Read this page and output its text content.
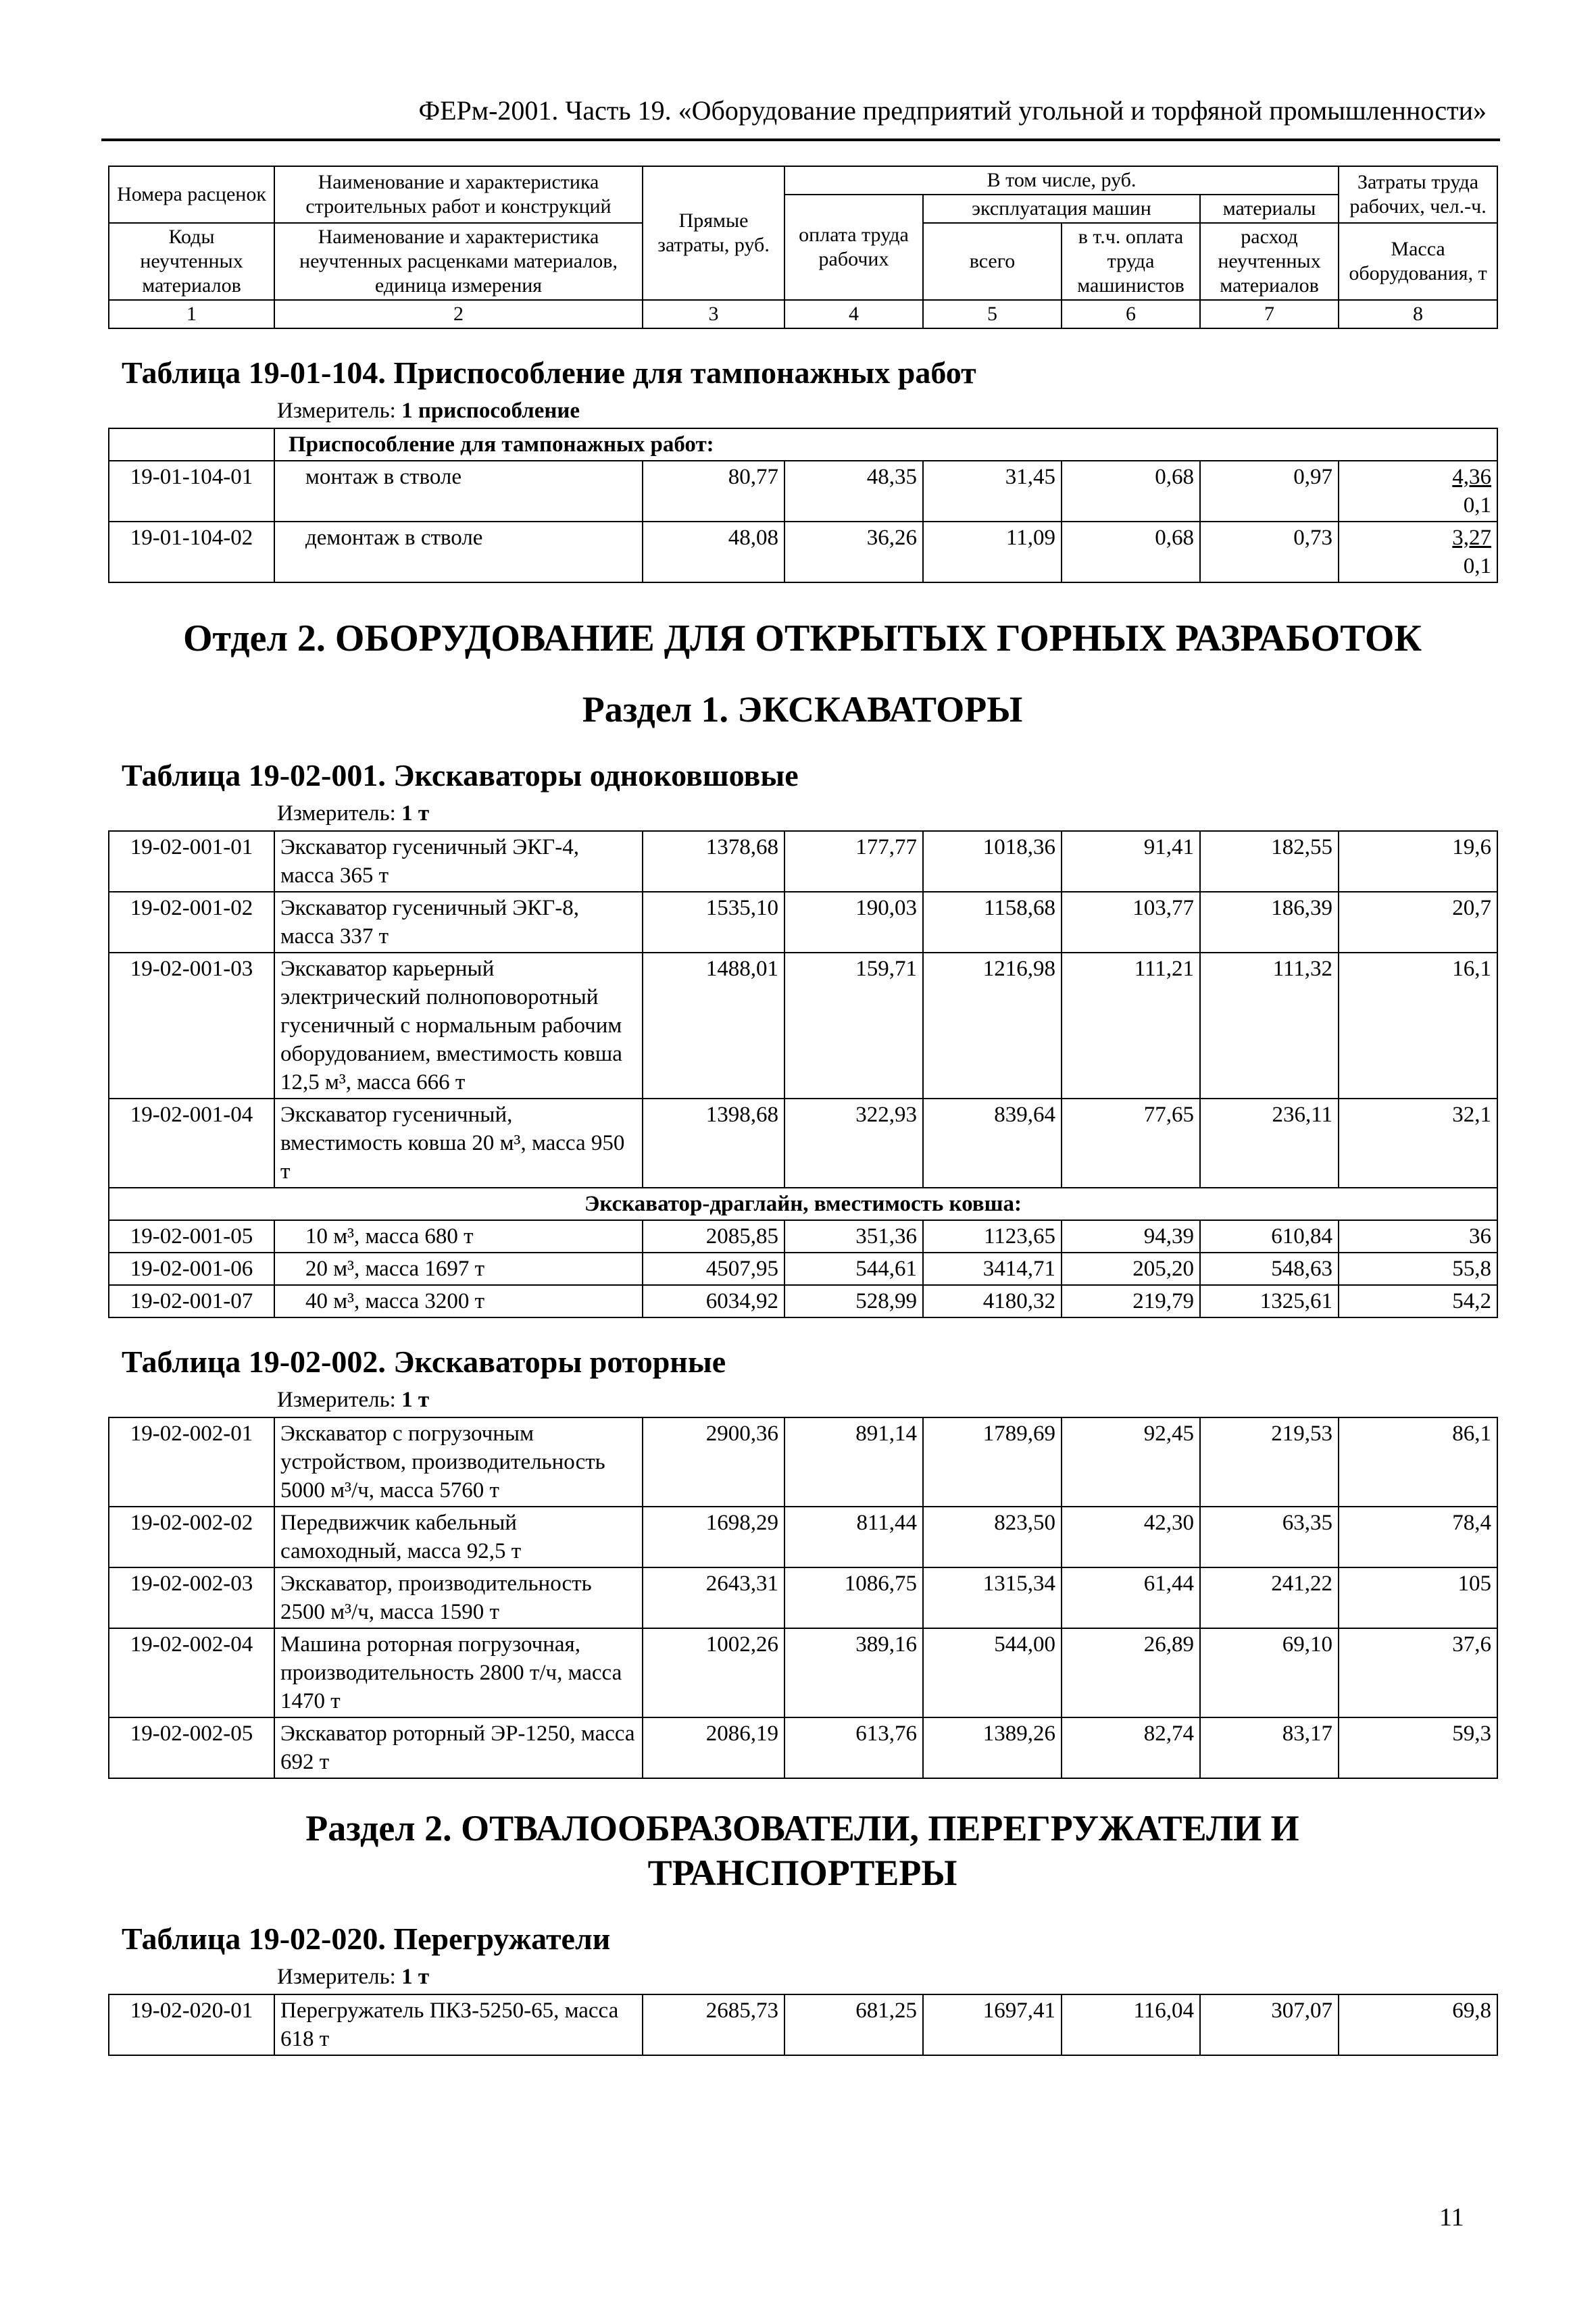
ФЕРм-2001. Часть 19. «Оборудование предприятий угольной и торфяной промышленности»
Номера расценок	Наименование и характеристика строительных работ и конструкций	Прямые затраты, руб.	В том числе, руб.				Затраты труда рабочих, чел.-ч.
			оплата труда рабочих	эксплуатация машин		материалы	
Коды неучтенных материалов	Наименование и характеристика неучтенных расценками материалов, единица измерения			всего	в т.ч. оплата труда машинистов	расход неучтенных материалов	
							Масса оборудования, т
1	2	3	4	5	6	7	8
Таблица 19-01-104. Приспособление для тампонажных работ
Измеритель: 1 приспособление
	Приспособление для тампонажных работ:						
19-01-104-01	монтаж в стволе	80,77	48,35	31,45	0,68	0,97	4,36
0,1

19-01-104-02	демонтаж в стволе	48,08	36,26	11,09	0,68	0,73	3,27
0,1
Отдел 2. ОБОРУДОВАНИЕ ДЛЯ ОТКРЫТЫХ ГОРНЫХ РАЗРАБОТОК
Раздел 1. ЭКСКАВАТОРЫ
Таблица 19-02-001. Экскаваторы одноковшовые
Измеритель: 1 т
19-02-001-01	Экскаватор гусеничный ЭКГ-4, масса 365 т	1378,68	177,77	1018,36	91,41	182,55	19,6
19-02-001-02	Экскаватор гусеничный ЭКГ-8, масса 337 т	1535,10	190,03	1158,68	103,77	186,39	20,7
19-02-001-03	Экскаватор карьерный электрический полноповоротный гусеничный с нормальным рабочим оборудованием, вместимость ковша 12,5 м³, масса 666 т	1488,01	159,71	1216,98	111,21	111,32	16,1
19-02-001-04	Экскаватор гусеничный, вместимость ковша 20 м³, масса 950 т	1398,68	322,93	839,64	77,65	236,11	32,1
Экскаватор-драглайн, вместимость ковша:							
19-02-001-05	10 м³, масса 680 т	2085,85	351,36	1123,65	94,39	610,84	36
19-02-001-06	20 м³, масса 1697 т	4507,95	544,61	3414,71	205,20	548,63	55,8
19-02-001-07	40 м³, масса 3200 т	6034,92	528,99	4180,32	219,79	1325,61	54,2
Таблица 19-02-002. Экскаваторы роторные
Измеритель: 1 т
19-02-002-01	Экскаватор с погрузочным устройством, производительность 5000 м³/ч, масса 5760 т	2900,36	891,14	1789,69	92,45	219,53	86,1
19-02-002-02	Передвижчик кабельный самоходный, масса 92,5 т	1698,29	811,44	823,50	42,30	63,35	78,4
19-02-002-03	Экскаватор, производительность 2500 м³/ч, масса 1590 т	2643,31	1086,75	1315,34	61,44	241,22	105
19-02-002-04	Машина роторная погрузочная, производительность 2800 т/ч, масса 1470 т	1002,26	389,16	544,00	26,89	69,10	37,6
19-02-002-05	Экскаватор роторный ЭР-1250, масса 692 т	2086,19	613,76	1389,26	82,74	83,17	59,3
Раздел 2. ОТВАЛООБРАЗОВАТЕЛИ, ПЕРЕГРУЖАТЕЛИ И ТРАНСПОРТЕРЫ
Таблица 19-02-020. Перегружатели
Измеритель: 1 т
19-02-020-01	Перегружатель ПКЗ-5250-65, масса 618 т	2685,73	681,25	1697,41	116,04	307,07	69,8
11
